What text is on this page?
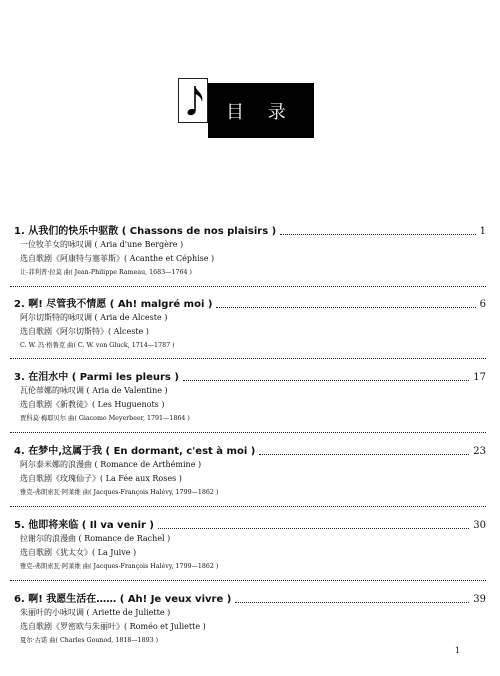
目 录
1. 从我们的快乐中驱散 ( Chassons de nos plaisirs )	1
一位牧羊女的咏叹调 ( Aria d'une Bergère )
选自歌剧《阿康特与塞菲斯》( Acanthe et Céphise )
让-菲利普·拉莫 曲( Jean-Philippe Rameau, 1683—1764 )
2. 啊! 尽管我不情愿 ( Ah! malgré moi )	6
阿尔切斯特的咏叹调 ( Aria de Alceste )
选自歌剧《阿尔切斯特》( Alceste )
C. W. 冯·格鲁克 曲( C. W. von Gluck, 1714—1787 )
3. 在泪水中 ( Parmi les pleurs )	17
瓦伦蒂娜的咏叹调 ( Aria de Valentine )
选自歌剧《新教徒》( Les Huguenots )
贾科莫·梅耶贝尔 曲( Giacomo Meyerbeer, 1791—1864 )
4. 在梦中,这属于我 ( En dormant, c'est à moi )	23
阿尔泰米娜的浪漫曲 ( Romance de Arthémine )
选自歌剧《玫瑰仙子》( La Fée aux Roses )
雅克-弗朗索瓦·阿莱维 曲( Jacques-François Halévy, 1799—1862 )
5. 他即将来临 ( Il va venir )	30
拉谢尔的浪漫曲 ( Romance de Rachel )
选自歌剧《犹太女》( La Juive )
雅克-弗朗索瓦·阿莱维 曲( Jacques-François Halévy, 1799—1862 )
6. 啊! 我愿生活在…… ( Ah! Je veux vivre )	39
朱丽叶的小咏叹调 ( Ariette de Juliette )
选自歌剧《罗密欧与朱丽叶》( Roméo et Juliette )
夏尔·古诺 曲( Charles Gounod, 1818—1893 )
1
